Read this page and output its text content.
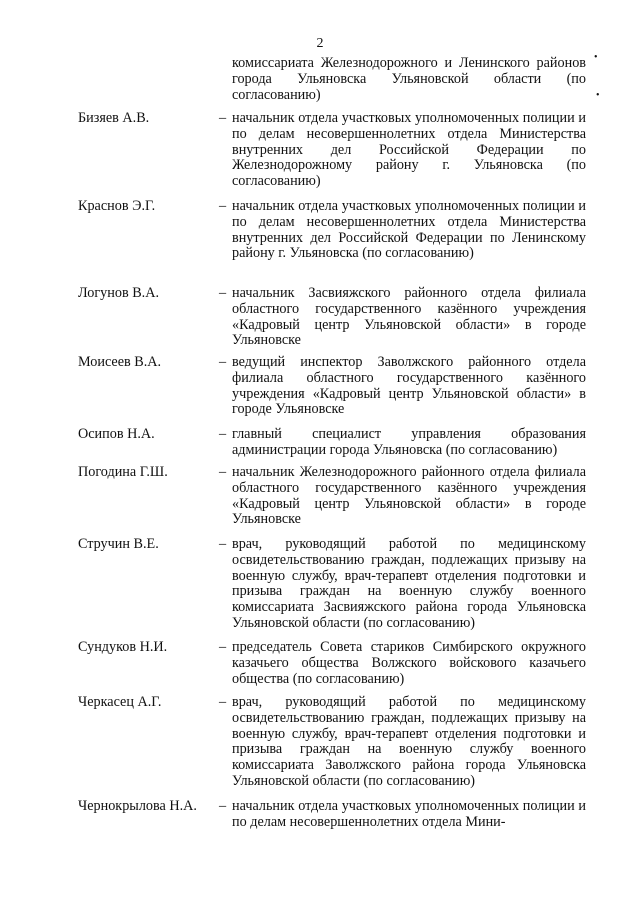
2
•
•
комиссариата Железнодорожного и Ленинского районов города Ульяновска Ульяновской области (по согласованию)
Бизяев А.В.	– начальник отдела участковых уполномоченных полиции и по делам несовершеннолетних отдела Министерства внутренних дел Российской Федерации по Железнодорожному району г. Ульяновска (по согласованию)
Краснов Э.Г.	– начальник отдела участковых уполномоченных полиции и по делам несовершеннолетних отдела Министерства внутренних дел Российской Федерации по Ленинскому району г. Ульяновска (по согласованию)
Логунов В.А.	– начальник Засвияжского районного отдела филиала областного государственного казённого учреждения «Кадровый центр Ульяновской области» в городе Ульяновске
Моисеев В.А.	– ведущий инспектор Заволжского районного отдела филиала областного государственного казённого учреждения «Кадровый центр Ульяновской области» в городе Ульяновске
Осипов Н.А.	– главный специалист управления образования администрации города Ульяновска (по согласованию)
Погодина Г.Ш.	– начальник Железнодорожного районного отдела филиала областного государственного казённого учреждения «Кадровый центр Ульяновской области» в городе Ульяновске
Стручин В.Е.	– врач, руководящий работой по медицинскому освидетельствованию граждан, подлежащих призыву на военную службу, врач-терапевт отделения подготовки и призыва граждан на военную службу военного комиссариата Засвияжского района города Ульяновска Ульяновской области (по согласованию)
Сундуков Н.И.	– председатель Совета стариков Симбирского окружного казачьего общества Волжского войскового казачьего общества (по согласованию)
Черкасец А.Г.	– врач, руководящий работой по медицинскому освидетельствованию граждан, подлежащих призыву на военную службу, врач-терапевт отделения подготовки и призыва граждан на военную службу военного комиссариата Заволжского района города Ульяновска Ульяновской области (по согласованию)
Чернокрылова Н.А. – начальник отдела участковых уполномоченных полиции и по делам несовершеннолетних отдела Мини-
